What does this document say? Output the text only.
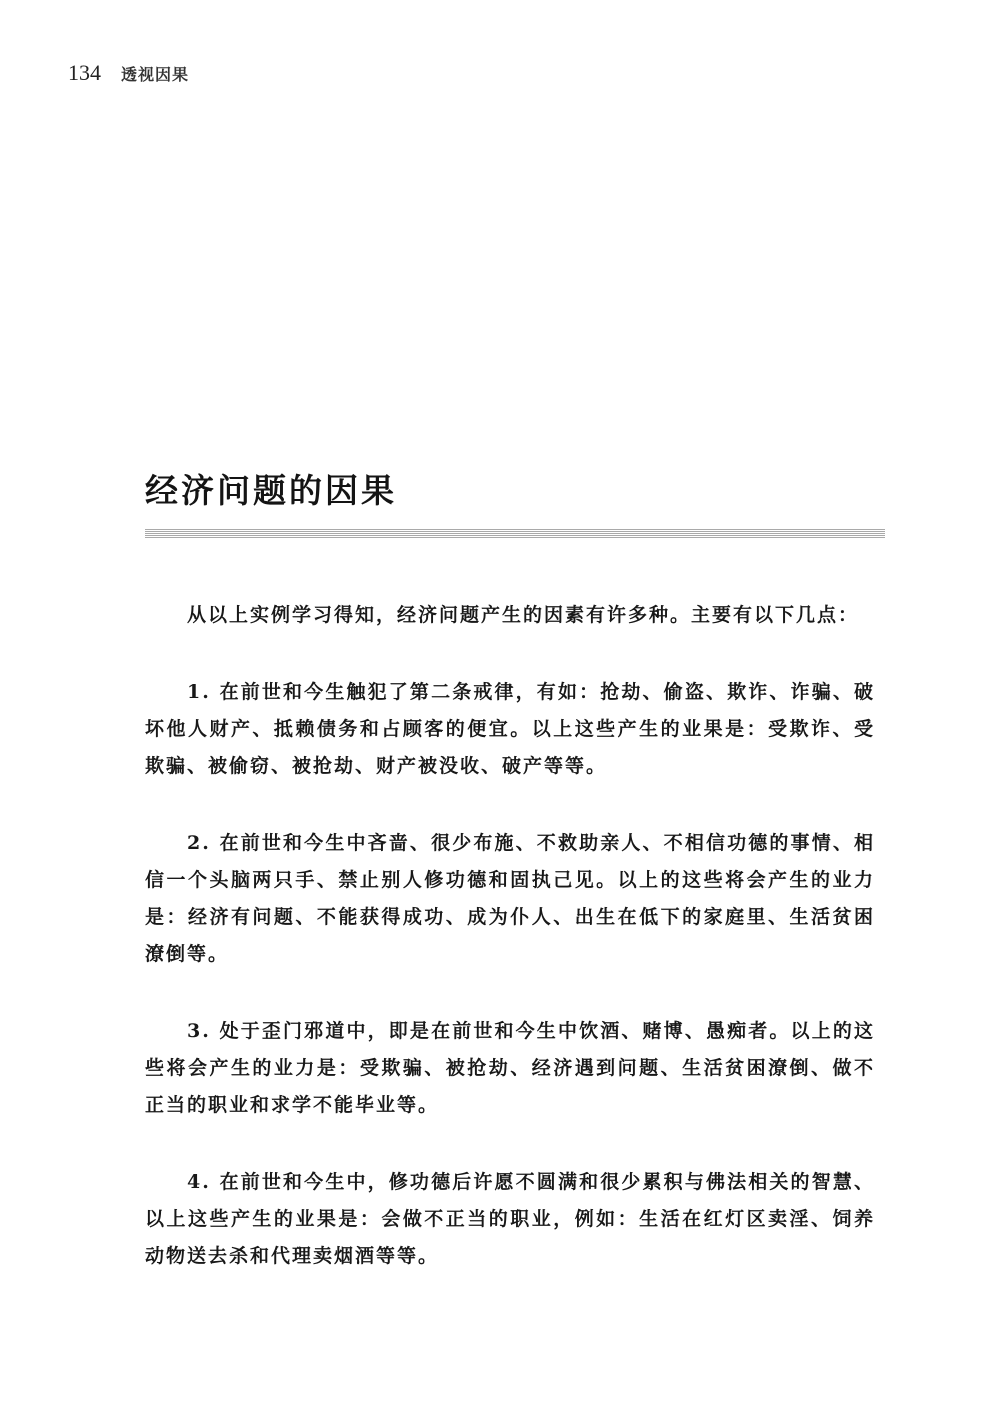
134 透视因果
经济问题的因果

从以上实例学习得知，经济问题产生的因素有许多种。主要有以下几点：

1. 在前世和今生触犯了第二条戒律，有如：抢劫、偷盗、欺诈、诈骗、破坏他人财产、抵赖债务和占顾客的便宜。以上这些产生的业果是：受欺诈、受欺骗、被偷窃、被抢劫、财产被没收、破产等等。

2. 在前世和今生中吝啬、很少布施、不救助亲人、不相信功德的事情、相信一个头脑两只手、禁止别人修功德和固执己见。以上的这些将会产生的业力是：经济有问题、不能获得成功、成为仆人、出生在低下的家庭里、生活贫困潦倒等。

3. 处于歪门邪道中，即是在前世和今生中饮酒、赌博、愚痴者。以上的这些将会产生的业力是：受欺骗、被抢劫、经济遇到问题、生活贫困潦倒、做不正当的职业和求学不能毕业等。

4. 在前世和今生中，修功德后许愿不圆满和很少累积与佛法相关的智慧、以上这些产生的业果是：会做不正当的职业，例如：生活在红灯区卖淫、饲养动物送去杀和代理卖烟酒等等。
